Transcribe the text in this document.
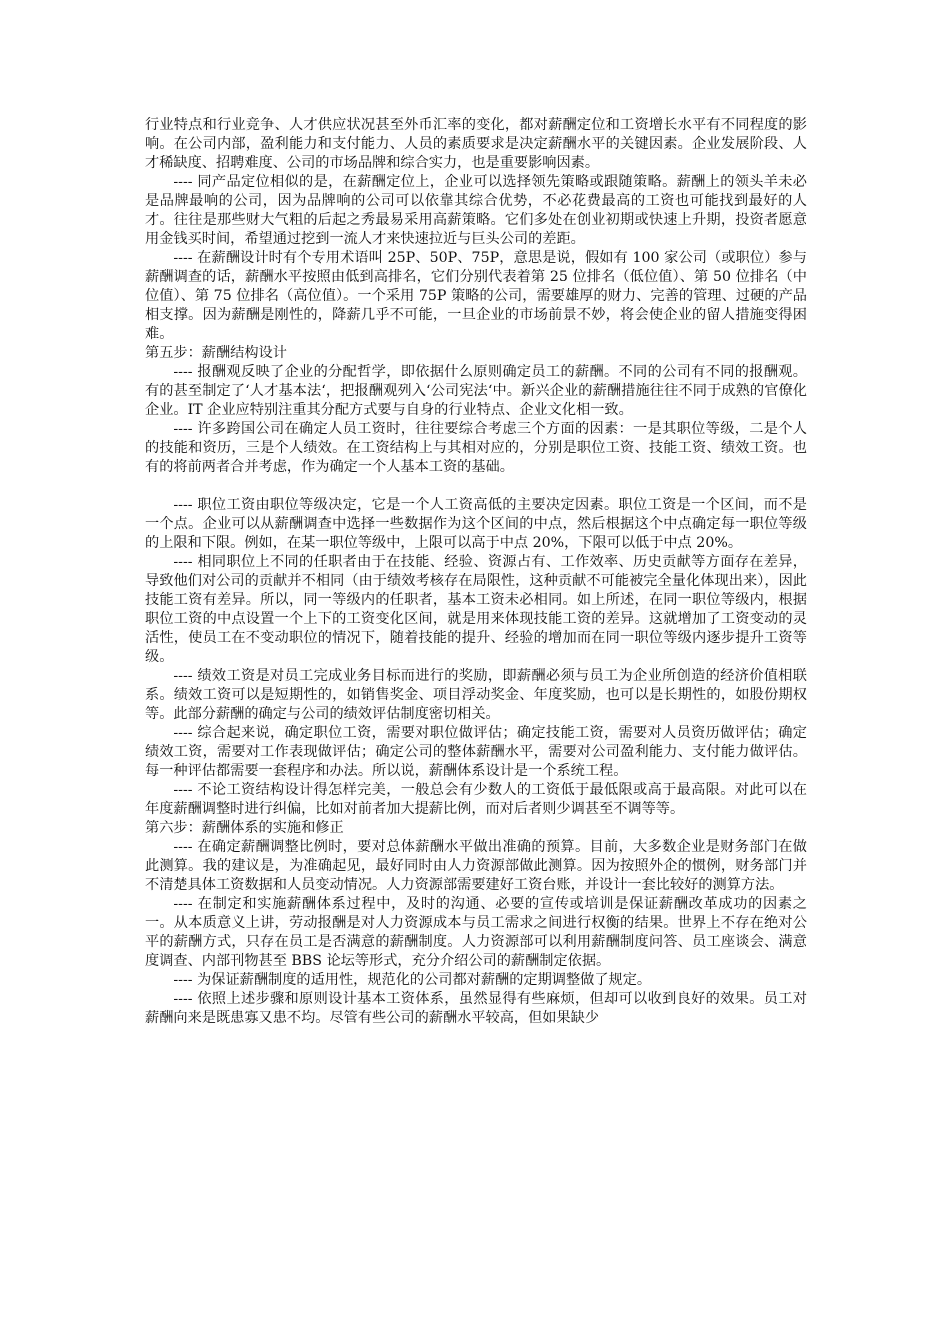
行业特点和行业竞争、人才供应状况甚至外币汇率的变化，都对薪酬定位和工资增长水平有不同程度的影响。在公司内部，盈利能力和支付能力、人员的素质要求是决定薪酬水平的关键因素。企业发展阶段、人才稀缺度、招聘难度、公司的市场品牌和综合实力，也是重要影响因素。

---- 同产品定位相似的是，在薪酬定位上，企业可以选择领先策略或跟随策略。薪酬上的领头羊未必是品牌最响的公司，因为品牌响的公司可以依靠其综合优势，不必花费最高的工资也可能找到最好的人才。往往是那些财大气粗的后起之秀最易采用高薪策略。它们多处在创业初期或快速上升期，投资者愿意用金钱买时间，希望通过挖到一流人才来快速拉近与巨头公司的差距。

---- 在薪酬设计时有个专用术语叫 25P、50P、75P，意思是说，假如有 100 家公司（或职位）参与薪酬调查的话，薪酬水平按照由低到高排名，它们分别代表着第 25 位排名（低位值）、第 50 位排名（中位值）、第 75 位排名（高位值）。一个采用 75P 策略的公司，需要雄厚的财力、完善的管理、过硬的产品相支撑。因为薪酬是刚性的，降薪几乎不可能，一旦企业的市场前景不妙，将会使企业的留人措施变得困难。

第五步：薪酬结构设计

---- 报酬观反映了企业的分配哲学，即依据什么原则确定员工的薪酬。不同的公司有不同的报酬观。有的甚至制定了‘人才基本法‘，把报酬观列入‘公司宪法‘中。新兴企业的薪酬措施往往不同于成熟的官僚化企业。IT 企业应特别注重其分配方式要与自身的行业特点、企业文化相一致。

---- 许多跨国公司在确定人员工资时，往往要综合考虑三个方面的因素：一是其职位等级，二是个人的技能和资历，三是个人绩效。在工资结构上与其相对应的，分别是职位工资、技能工资、绩效工资。也有的将前两者合并考虑，作为确定一个人基本工资的基础。

---- 职位工资由职位等级决定，它是一个人工资高低的主要决定因素。职位工资是一个区间，而不是一个点。企业可以从薪酬调查中选择一些数据作为这个区间的中点，然后根据这个中点确定每一职位等级的上限和下限。例如，在某一职位等级中，上限可以高于中点 20%，下限可以低于中点 20%。

---- 相同职位上不同的任职者由于在技能、经验、资源占有、工作效率、历史贡献等方面存在差异，导致他们对公司的贡献并不相同（由于绩效考核存在局限性，这种贡献不可能被完全量化体现出来），因此技能工资有差异。所以，同一等级内的任职者，基本工资未必相同。如上所述，在同一职位等级内，根据职位工资的中点设置一个上下的工资变化区间，就是用来体现技能工资的差异。这就增加了工资变动的灵活性，使员工在不变动职位的情况下，随着技能的提升、经验的增加而在同一职位等级内逐步提升工资等级。

---- 绩效工资是对员工完成业务目标而进行的奖励，即薪酬必须与员工为企业所创造的经济价值相联系。绩效工资可以是短期性的，如销售奖金、项目浮动奖金、年度奖励，也可以是长期性的，如股份期权等。此部分薪酬的确定与公司的绩效评估制度密切相关。

---- 综合起来说，确定职位工资，需要对职位做评估；确定技能工资，需要对人员资历做评估；确定绩效工资，需要对工作表现做评估；确定公司的整体薪酬水平，需要对公司盈利能力、支付能力做评估。每一种评估都需要一套程序和办法。所以说，薪酬体系设计是一个系统工程。

---- 不论工资结构设计得怎样完美，一般总会有少数人的工资低于最低限或高于最高限。对此可以在年度薪酬调整时进行纠偏，比如对前者加大提薪比例，而对后者则少调甚至不调等等。

第六步：薪酬体系的实施和修正

---- 在确定薪酬调整比例时，要对总体薪酬水平做出准确的预算。目前，大多数企业是财务部门在做此测算。我的建议是，为准确起见，最好同时由人力资源部做此测算。因为按照外企的惯例，财务部门并不清楚具体工资数据和人员变动情况。人力资源部需要建好工资台账，并设计一套比较好的测算方法。

---- 在制定和实施薪酬体系过程中，及时的沟通、必要的宣传或培训是保证薪酬改革成功的因素之一。从本质意义上讲，劳动报酬是对人力资源成本与员工需求之间进行权衡的结果。世界上不存在绝对公平的薪酬方式，只存在员工是否满意的薪酬制度。人力资源部可以利用薪酬制度问答、员工座谈会、满意度调查、内部刊物甚至 BBS 论坛等形式，充分介绍公司的薪酬制定依据。

---- 为保证薪酬制度的适用性，规范化的公司都对薪酬的定期调整做了规定。

---- 依照上述步骤和原则设计基本工资体系，虽然显得有些麻烦，但却可以收到良好的效果。员工对薪酬向来是既患寡又患不均。尽管有些公司的薪酬水平较高，但如果缺少
